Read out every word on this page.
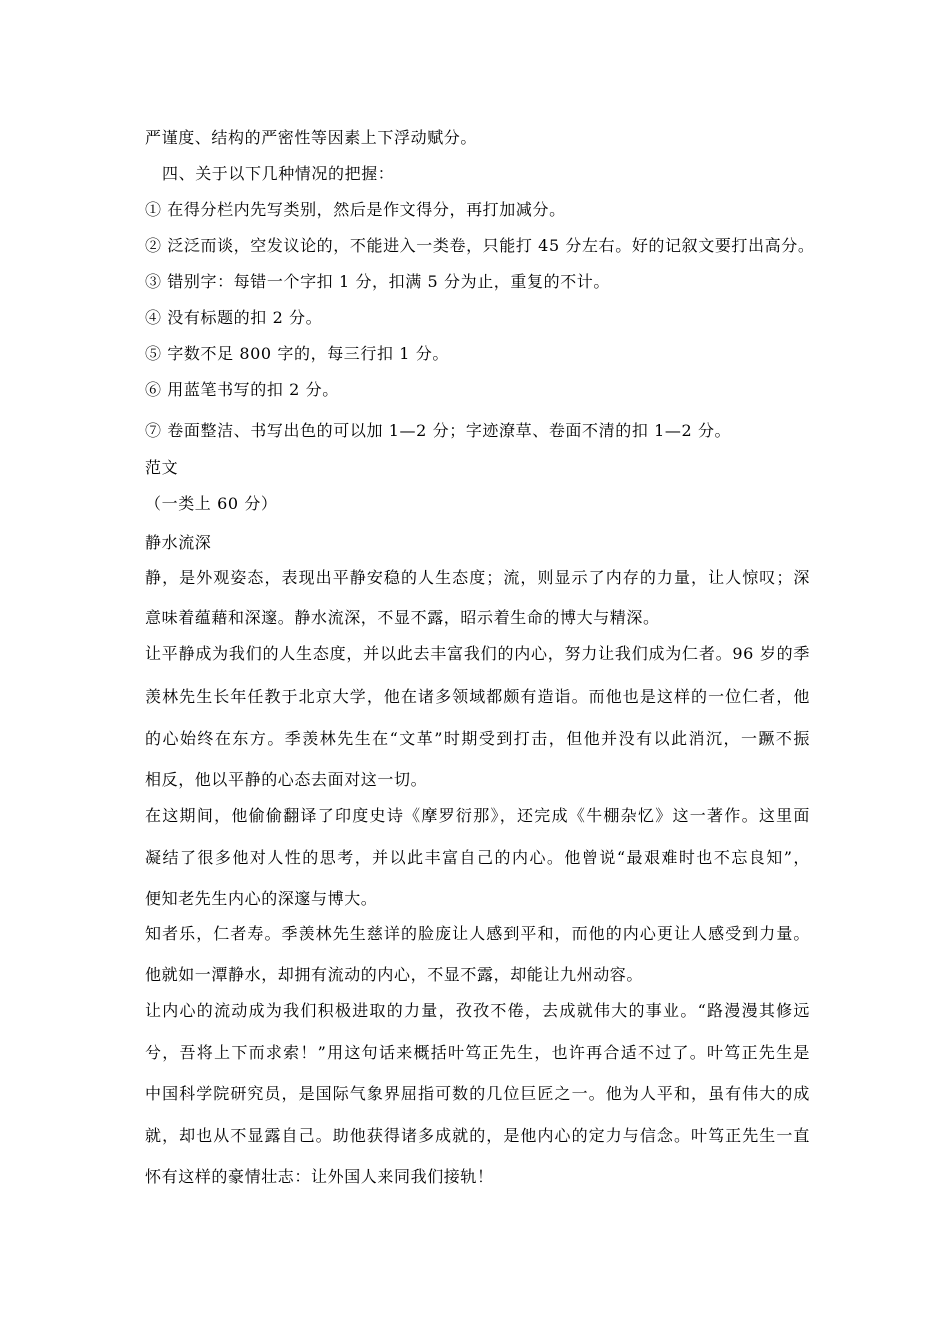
严谨度、结构的严密性等因素上下浮动赋分。
四、关于以下几种情况的把握：
① 在得分栏内先写类别，然后是作文得分，再打加减分。
② 泛泛而谈，空发议论的，不能进入一类卷，只能打 45 分左右。好的记叙文要打出高分。
③ 错别字：每错一个字扣 1 分，扣满 5 分为止，重复的不计。
④ 没有标题的扣 2 分。
⑤ 字数不足 800 字的，每三行扣 1 分。
⑥ 用蓝笔书写的扣 2 分。
⑦ 卷面整洁、书写出色的可以加 1—2 分；字迹潦草、卷面不清的扣 1—2 分。
范文
（一类上 60 分）
静水流深
静，是外观姿态，表现出平静安稳的人生态度；流，则显示了内存的力量，让人惊叹；深
意味着蕴藉和深邃。静水流深，不显不露，昭示着生命的博大与精深。
让平静成为我们的人生态度，并以此去丰富我们的内心，努力让我们成为仁者。96 岁的季
羡林先生长年任教于北京大学，他在诸多领域都颇有造诣。而他也是这样的一位仁者，他
的心始终在东方。季羡林先生在“文革”时期受到打击，但他并没有以此消沉，一蹶不振
相反，他以平静的心态去面对这一切。
在这期间，他偷偷翻译了印度史诗《摩罗衍那》，还完成《牛棚杂忆》这一著作。这里面
凝结了很多他对人性的思考，并以此丰富自己的内心。他曾说“最艰难时也不忘良知”，
便知老先生内心的深邃与博大。
知者乐，仁者寿。季羡林先生慈详的脸庞让人感到平和，而他的内心更让人感受到力量。
他就如一潭静水，却拥有流动的内心，不显不露，却能让九州动容。
让内心的流动成为我们积极进取的力量，孜孜不倦，去成就伟大的事业。“路漫漫其修远
兮，吾将上下而求索！”用这句话来概括叶笃正先生，也许再合适不过了。叶笃正先生是
中国科学院研究员，是国际气象界屈指可数的几位巨匠之一。他为人平和，虽有伟大的成
就，却也从不显露自己。助他获得诸多成就的，是他内心的定力与信念。叶笃正先生一直
怀有这样的豪情壮志：让外国人来同我们接轨！
